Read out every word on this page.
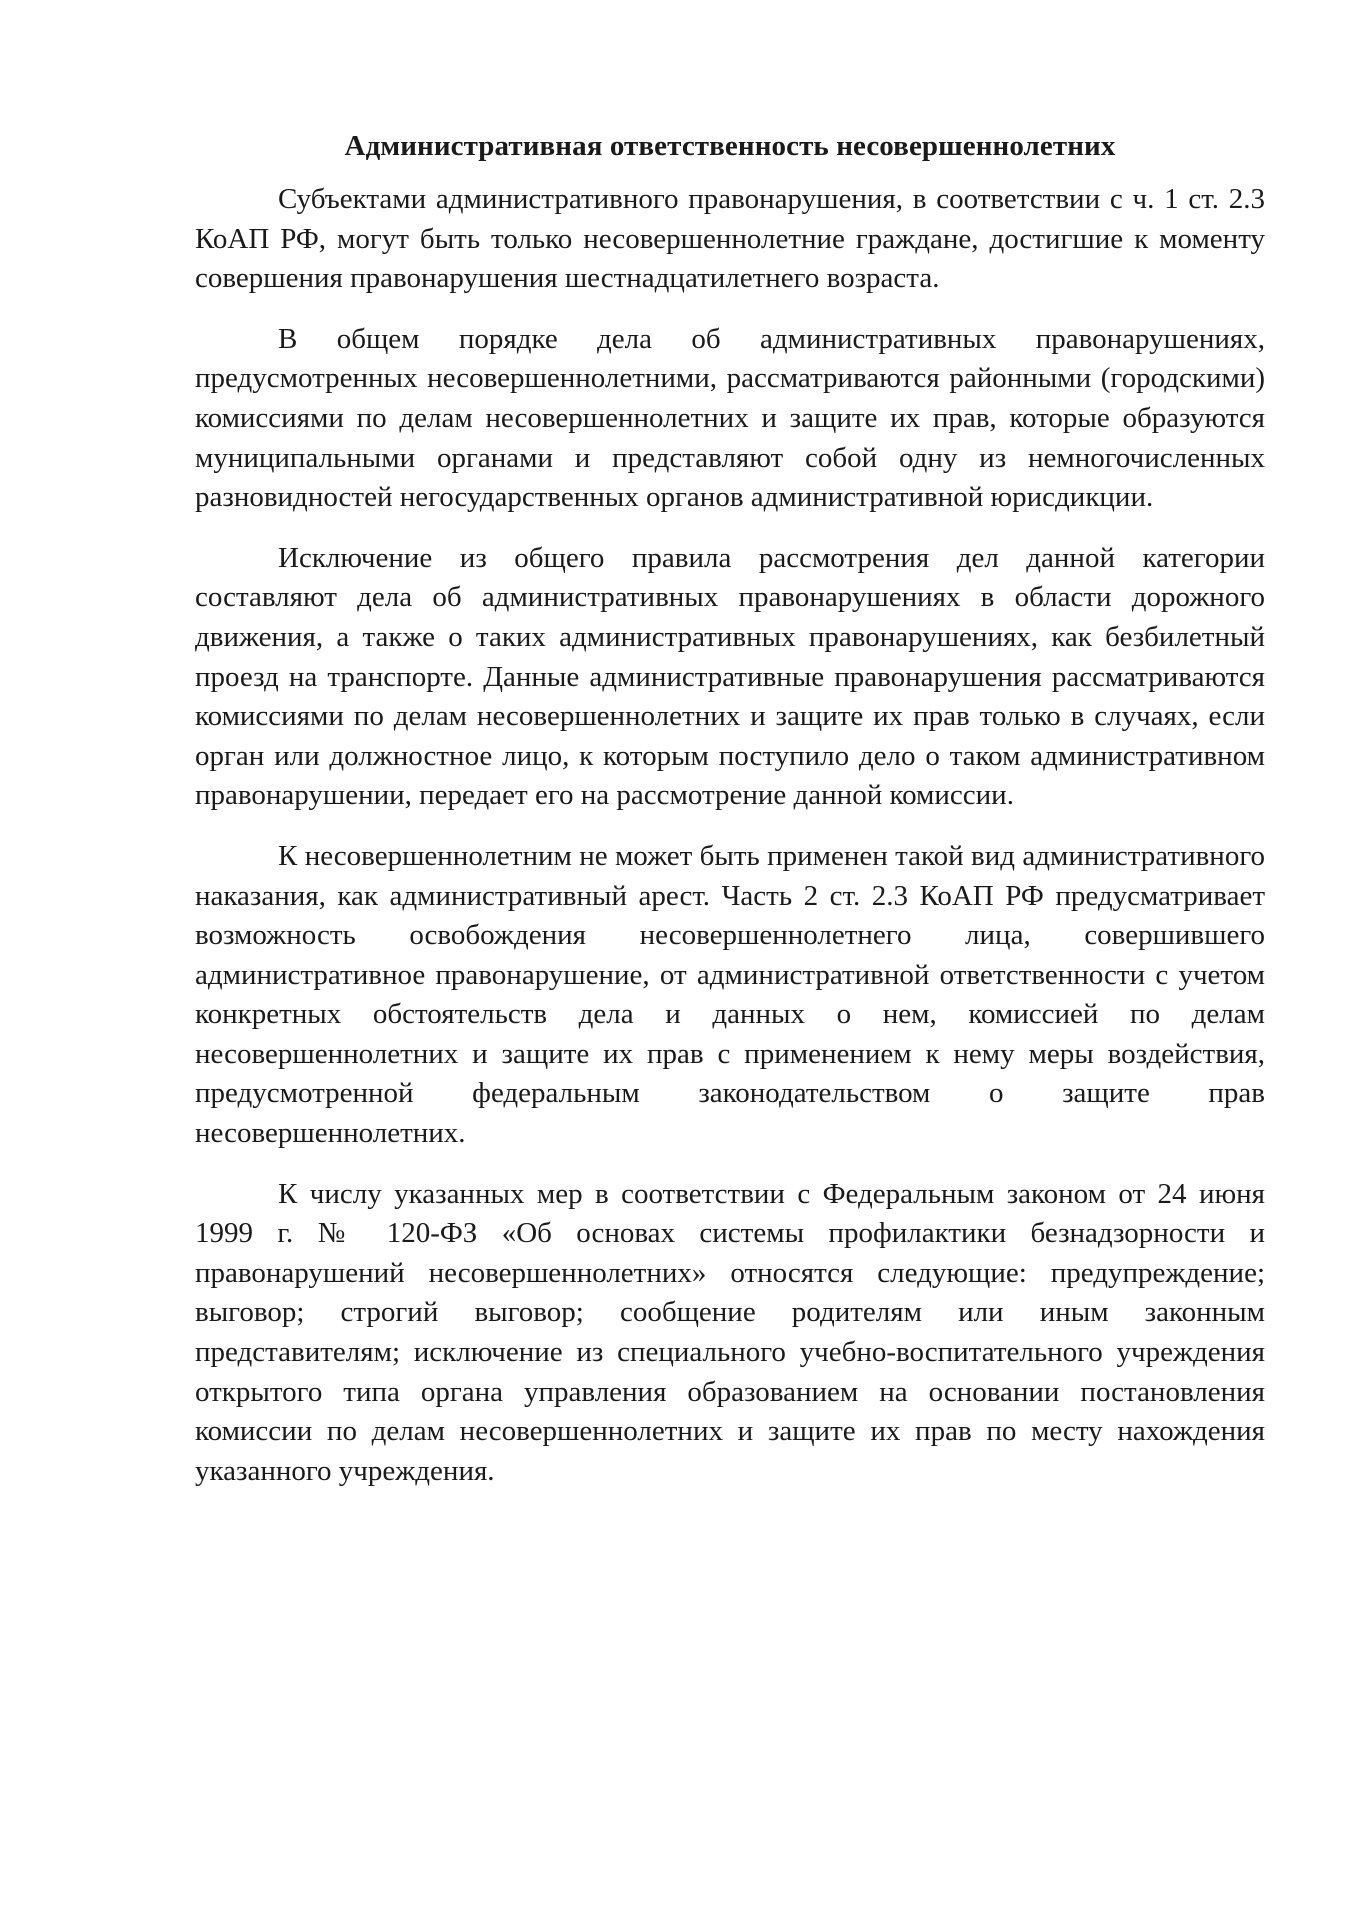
Административная ответственность несовершеннолетних

Субъектами административного правонарушения, в соответствии с ч. 1 ст. 2.3 КоАП РФ, могут быть только несовершеннолетние граждане, достигшие к моменту совершения правонарушения шестнадцатилетнего возраста.

В общем порядке дела об административных правонарушениях, предусмотренных несовершеннолетними, рассматриваются районными (городскими) комиссиями по делам несовершеннолетних и защите их прав, которые образуются муниципальными органами и представляют собой одну из немногочисленных разновидностей негосударственных органов административной юрисдикции.

Исключение из общего правила рассмотрения дел данной категории составляют дела об административных правонарушениях в области дорожного движения, а также о таких административных правонарушениях, как безбилетный проезд на транспорте. Данные административные правонарушения рассматриваются комиссиями по делам несовершеннолетних и защите их прав только в случаях, если орган или должностное лицо, к которым поступило дело о таком административном правонарушении, передает его на рассмотрение данной комиссии.

К несовершеннолетним не может быть применен такой вид административного наказания, как административный арест. Часть 2 ст. 2.3 КоАП РФ предусматривает возможность освобождения несовершеннолетнего лица, совершившего административное правонарушение, от административной ответственности с учетом конкретных обстоятельств дела и данных о нем, комиссией по делам несовершеннолетних и защите их прав с применением к нему меры воздействия, предусмотренной федеральным законодательством о защите прав несовершеннолетних.

К числу указанных мер в соответствии с Федеральным законом от 24 июня 1999 г. № 120-ФЗ «Об основах системы профилактики безнадзорности и правонарушений несовершеннолетних» относятся следующие: предупреждение; выговор; строгий выговор; сообщение родителям или иным законным представителям; исключение из специального учебно-воспитательного учреждения открытого типа органа управления образованием на основании постановления комиссии по делам несовершеннолетних и защите их прав по месту нахождения указанного учреждения.
